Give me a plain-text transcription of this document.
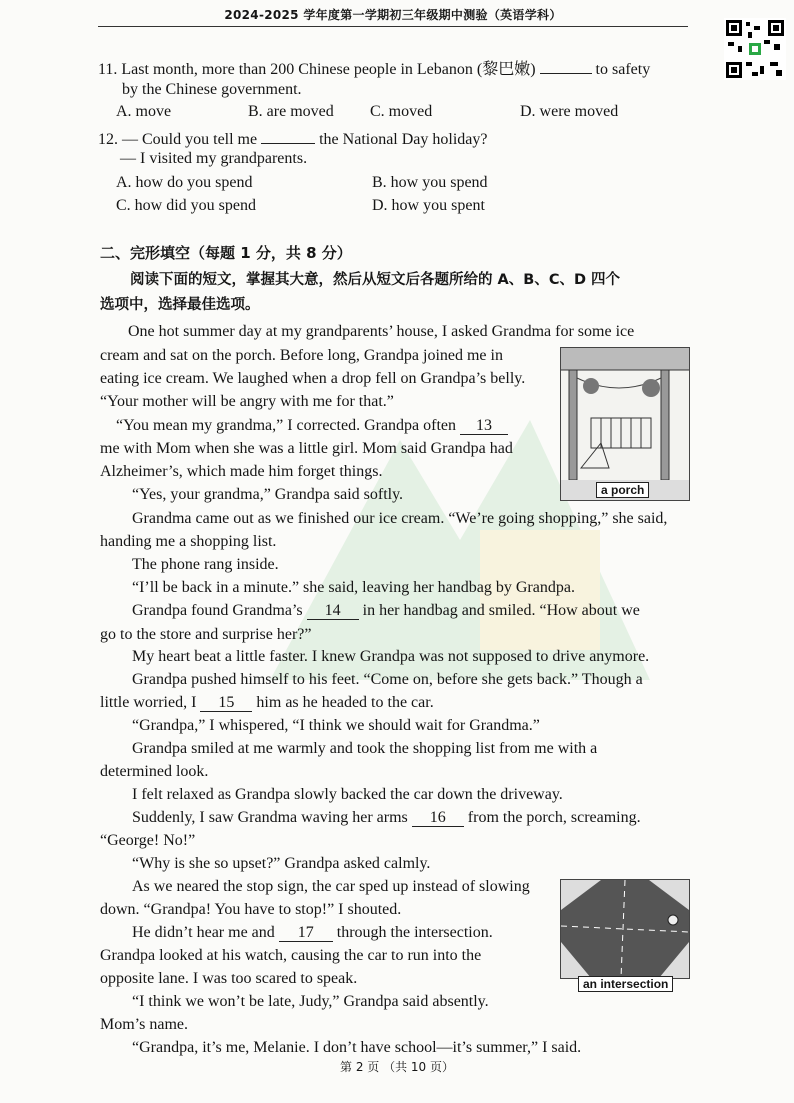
2024-2025 学年度第一学期初三年级期中测验（英语学科）
11. Last month, more than 200 Chinese people in Lebanon (黎巴嫩)	to safety
by the Chinese government.
A. move	B. are moved C. moved	D. were moved
12. — Could you tell me	the National Day holiday?
— I visited my grandparents.
A. how do you spend	B. how you spend
C. how did you spend	D. how you spent
二、完形填空（每题 1 分，共 8 分）
阅读下面的短文，掌握其大意，然后从短文后各题所给的 A、B、C、D 四个
选项中，选择最佳选项。
a porch
an intersection
One hot summer day at my grandparents’ house, I asked Grandma for some ice
cream and sat on the porch. Before long, Grandpa joined me in
eating ice cream. We laughed when a drop fell on Grandpa’s belly.
“Your mother will be angry with me for that.”
“You mean my grandma,” I corrected. Grandpa often 13
me with Mom when she was a little girl. Mom said Grandpa had
Alzheimer’s, which made him forget things.
“Yes, your grandma,” Grandpa said softly.
Grandma came out as we finished our ice cream. “We’re going shopping,” she said,
handing me a shopping list.
The phone rang inside.
“I’ll be back in a minute.” she said, leaving her handbag by Grandpa.
Grandpa found Grandma’s 14 in her handbag and smiled. “How about we
go to the store and surprise her?”
My heart beat a little faster. I knew Grandpa was not supposed to drive anymore.
Grandpa pushed himself to his feet. “Come on, before she gets back.” Though a
little worried, I 15 him as he headed to the car.
“Grandpa,” I whispered, “I think we should wait for Grandma.”
Grandpa smiled at me warmly and took the shopping list from me with a
determined look.
I felt relaxed as Grandpa slowly backed the car down the driveway.
Suddenly, I saw Grandma waving her arms 16 from the porch, screaming.
“George! No!”
“Why is she so upset?” Grandpa asked calmly.
As we neared the stop sign, the car sped up instead of slowing
down. “Grandpa! You have to stop!” I shouted.
He didn’t hear me and 17 through the intersection.
Grandpa looked at his watch, causing the car to run into the
opposite lane. I was too scared to speak.
“I think we won’t be late, Judy,” Grandpa said absently.
Mom’s name.
“Grandpa, it’s me, Melanie. I don’t have school—it’s summer,” I said.
第 2 页 （共 10 页）
